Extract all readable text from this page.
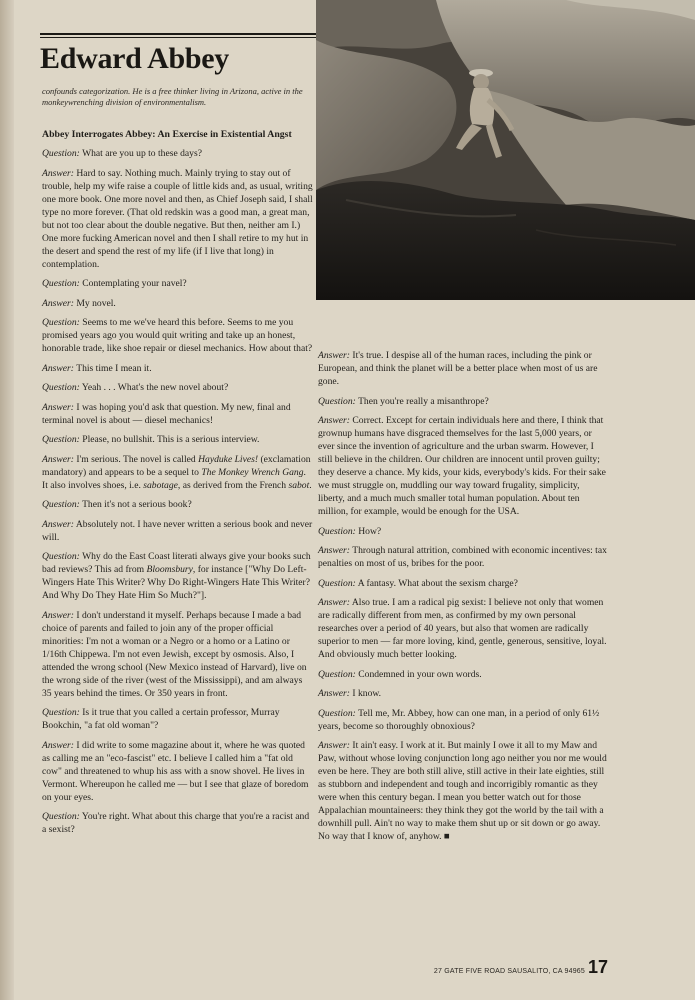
Edward Abbey

confounds categorization. He is a free thinker living in Arizona, active in the monkeywrenching division of environmentalism.

Abbey Interrogates Abbey: An Exercise in Existential Angst

Question: What are you up to these days?

Answer: Hard to say. Nothing much. Mainly trying to stay out of trouble, help my wife raise a couple of little kids and, as usual, writing one more book. One more novel and then, as Chief Joseph said, I shall type no more forever. (That old redskin was a good man, a great man, but not too clear about the double negative. But then, neither am I.) One more fucking American novel and then I shall retire to my hut in the desert and spend the rest of my life (if I live that long) in contemplation.

Question: Contemplating your navel?

Answer: My novel.

Question: Seems to me we've heard this before. Seems to me you promised years ago you would quit writing and take up an honest, honorable trade, like shoe repair or diesel mechanics. How about that?

Answer: This time I mean it.

Question: Yeah . . . What's the new novel about?

Answer: I was hoping you'd ask that question. My new, final and terminal novel is about — diesel mechanics!

Question: Please, no bullshit. This is a serious interview.

Answer: I'm serious. The novel is called Hayduke Lives! (exclamation mandatory) and appears to be a sequel to The Monkey Wrench Gang. It also involves shoes, i.e. sabotage, as derived from the French sabot.

Question: Then it's not a serious book?

Answer: Absolutely not. I have never written a serious book and never will.

Question: Why do the East Coast literati always give your books such bad reviews? This ad from Bloomsbury, for instance ["Why Do Left-Wingers Hate This Writer? Why Do Right-Wingers Hate This Writer? And Why Do They Hate Him So Much?"].

Answer: I don't understand it myself. Perhaps because I made a bad choice of parents and failed to join any of the proper official minorities: I'm not a woman or a Negro or a homo or a Latino or 1/16th Chippewa. I'm not even Jewish, except by osmosis. Also, I attended the wrong school (New Mexico instead of Harvard), live on the wrong side of the river (west of the Mississippi), and am always 35 years behind the times. Or 350 years in front.

Question: Is it true that you called a certain professor, Murray Bookchin, "a fat old woman"?

Answer: I did write to some magazine about it, where he was quoted as calling me an "eco-fascist" etc. I believe I called him a "fat old cow" and threatened to whup his ass with a snow shovel. He lives in Vermont. Whereupon he called me — but I see that glaze of boredom on your eyes.

Question: You're right. What about this charge that you're a racist and a sexist?

Answer: It's true. I despise all of the human races, including the pink or European, and think the planet will be a better place when most of us are gone.

Question: Then you're really a misanthrope?

Answer: Correct. Except for certain individuals here and there, I think that grownup humans have disgraced themselves for the last 5,000 years, or ever since the invention of agriculture and the urban swarm. However, I still believe in the children. Our children are innocent until proven guilty; they deserve a chance. My kids, your kids, everybody's kids. For their sake we must struggle on, muddling our way toward frugality, simplicity, liberty, and a much much smaller total human population. About ten million, for example, would be enough for the USA.

Question: How?

Answer: Through natural attrition, combined with economic incentives: tax penalties on most of us, bribes for the poor.

Question: A fantasy. What about the sexism charge?

Answer: Also true. I am a radical pig sexist: I believe not only that women are radically different from men, as confirmed by my own personal researches over a period of 40 years, but also that women are radically superior to men — far more loving, kind, gentle, generous, sensitive, loyal. And obviously much better looking.

Question: Condemned in your own words.

Answer: I know.

Question: Tell me, Mr. Abbey, how can one man, in a period of only 61½ years, become so thoroughly obnoxious?

Answer: It ain't easy. I work at it. But mainly I owe it all to my Maw and Paw, without whose loving conjunction long ago neither you nor me would even be here. They are both still alive, still active in their late eighties, still as stubborn and independent and tough and incorrigibly romantic as they were when this century began. I mean you better watch out for those Appalachian mountaineers: they think they got the world by the tail with a downhill pull. Ain't no way to make them shut up or sit down or go away. No way that I know of, anyhow. ■

27 GATE FIVE ROAD SAUSALITO, CA 94965 17
